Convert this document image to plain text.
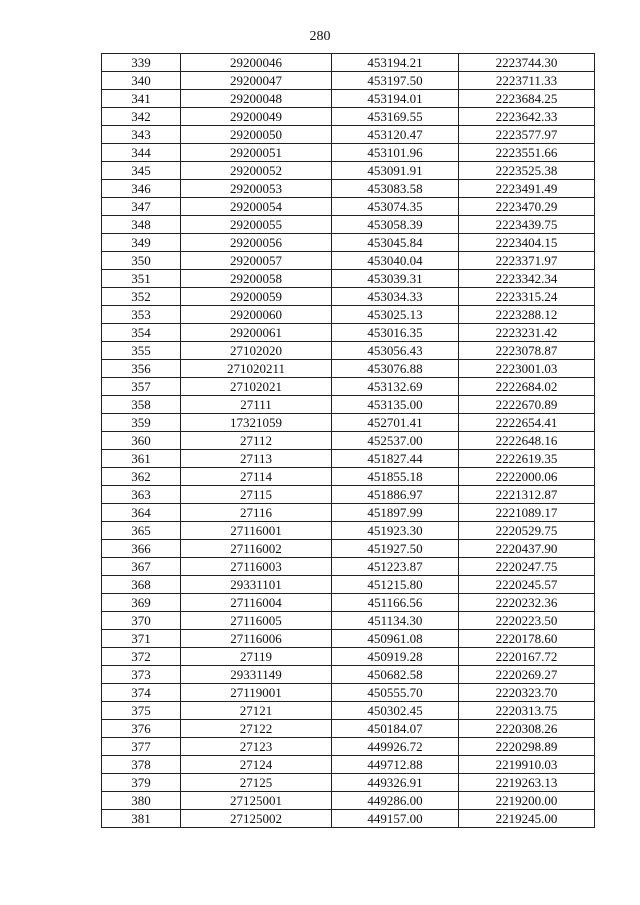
280
339	29200046	453194.21	2223744.30
340	29200047	453197.50	2223711.33
341	29200048	453194.01	2223684.25
342	29200049	453169.55	2223642.33
343	29200050	453120.47	2223577.97
344	29200051	453101.96	2223551.66
345	29200052	453091.91	2223525.38
346	29200053	453083.58	2223491.49
347	29200054	453074.35	2223470.29
348	29200055	453058.39	2223439.75
349	29200056	453045.84	2223404.15
350	29200057	453040.04	2223371.97
351	29200058	453039.31	2223342.34
352	29200059	453034.33	2223315.24
353	29200060	453025.13	2223288.12
354	29200061	453016.35	2223231.42
355	27102020	453056.43	2223078.87
356	271020211	453076.88	2223001.03
357	27102021	453132.69	2222684.02
358	27111	453135.00	2222670.89
359	17321059	452701.41	2222654.41
360	27112	452537.00	2222648.16
361	27113	451827.44	2222619.35
362	27114	451855.18	2222000.06
363	27115	451886.97	2221312.87
364	27116	451897.99	2221089.17
365	27116001	451923.30	2220529.75
366	27116002	451927.50	2220437.90
367	27116003	451223.87	2220247.75
368	29331101	451215.80	2220245.57
369	27116004	451166.56	2220232.36
370	27116005	451134.30	2220223.50
371	27116006	450961.08	2220178.60
372	27119	450919.28	2220167.72
373	29331149	450682.58	2220269.27
374	27119001	450555.70	2220323.70
375	27121	450302.45	2220313.75
376	27122	450184.07	2220308.26
377	27123	449926.72	2220298.89
378	27124	449712.88	2219910.03
379	27125	449326.91	2219263.13
380	27125001	449286.00	2219200.00
381	27125002	449157.00	2219245.00
